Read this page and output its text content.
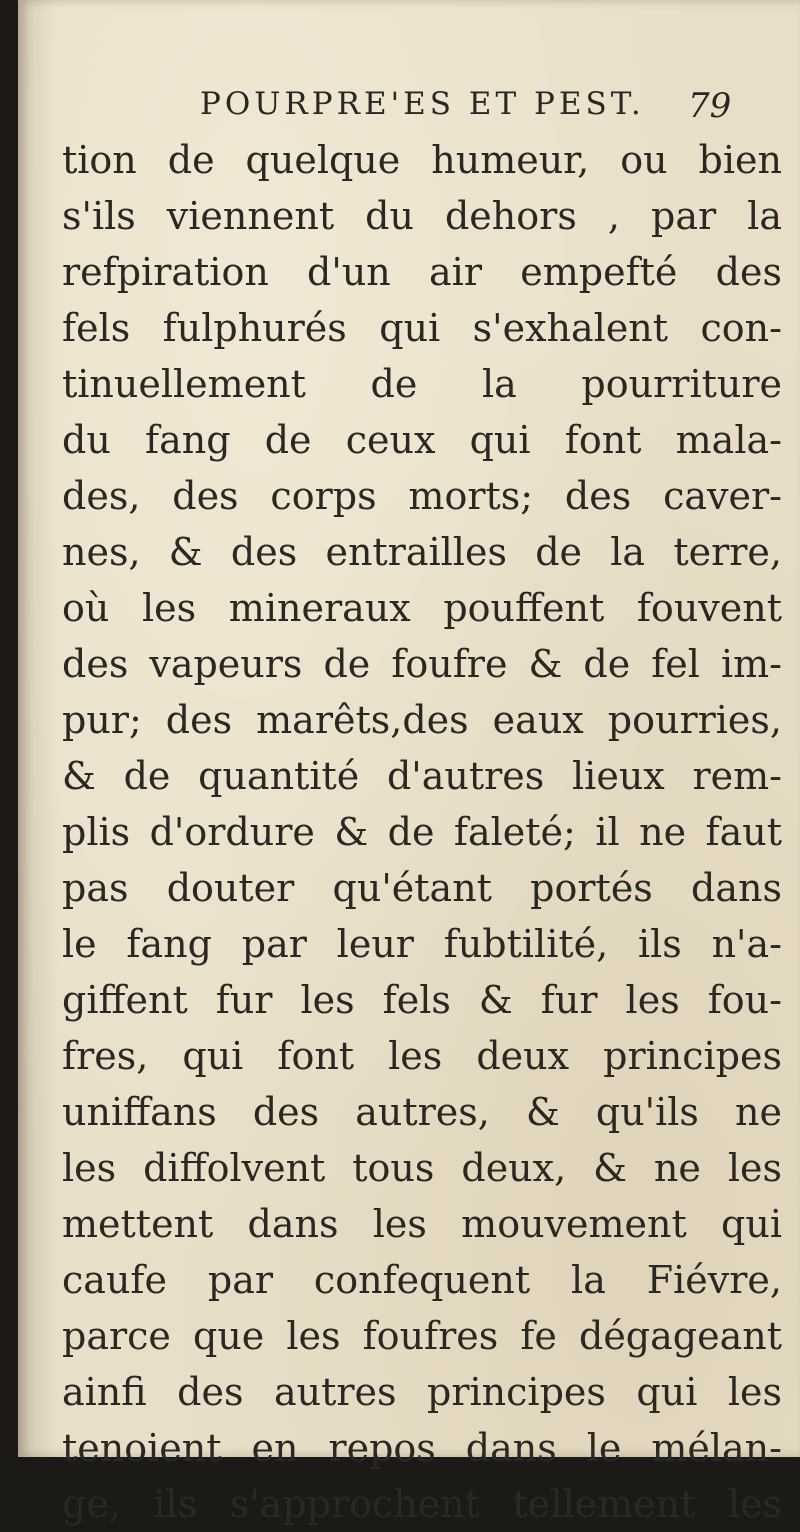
POURPRE'ES ET PEST. 79
tion de quelque humeur, ou bien
s'ils viennent du dehors , par la
refpiration d'un air empefté des
fels fulphurés qui s'exhalent con-
tinuellement de la pourriture
du fang de ceux qui font mala-
des, des corps morts; des caver-
nes, & des entrailles de la terre,
où les mineraux pouffent fouvent
des vapeurs de foufre & de fel im-
pur; des marêts,des eaux pourries,
& de quantité d'autres lieux rem-
plis d'ordure & de faleté; il ne faut
pas douter qu'étant portés dans
le fang par leur fubtilité, ils n'a-
giffent fur les fels & fur les fou-
fres, qui font les deux principes
uniffans des autres, & qu'ils ne
les diffolvent tous deux, & ne les
mettent dans les mouvement qui
caufe par confequent la Fiévre,
parce que les foufres fe dégageant
ainfi des autres principes qui les
tenoient en repos dans le mélan-
ge, ils s'approchent tellement les
